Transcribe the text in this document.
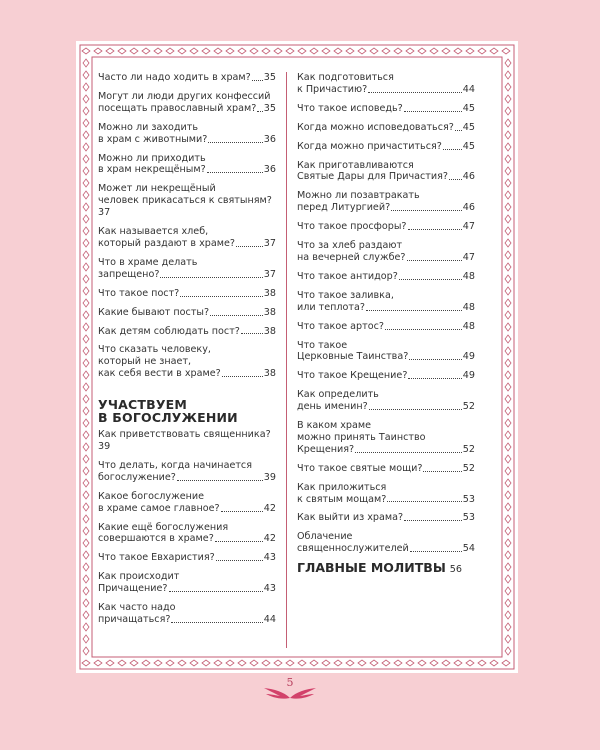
Часто ли надо ходить в храм? 35
Могут ли люди других конфессий
посещать православный храм? 35
Можно ли заходить
в храм с животными?	36
Можно ли приходить
в храм некрещёным?	36
Может ли некрещёный
человек прикасаться к святыням?
37
Как называется хлеб,
который раздают в храме?	37
Что в храме делать
запрещено?	37
Что такое пост?	38
Какие бывают посты?	38
Как детям соблюдать пост? 38
Что сказать человеку,
который не знает,
как себя вести в храме?	38
УЧАСТВУЕМ
В БОГОСЛУЖЕНИИ
Как приветствовать священника?
39
Что делать, когда начинается
богослужение?	39
Какое богослужение
в храме самое главное?	42
Какие ещё богослужения
совершаются в храме?	42
Что такое Евхаристия?	43
Как происходит
Причащение?	43
Как часто надо
причащаться?	44
Как подготовиться
к Причастию?	44
Что такое исповедь?	45
Когда можно исповедоваться? 45
Когда можно причаститься? 45
Как приготавливаются
Святые Дары для Причастия? 46
Можно ли позавтракать
перед Литургией?	46
Что такое просфоры?	47
Что за хлеб раздают
на вечерней службе?	47
Что такое антидор?	48
Что такое заливка,
или теплота?	48
Что такое артос?	48
Что такое
Церковные Таинства?	49
Что такое Крещение?	49
Как определить
день именин?	52
В каком храме
можно принять Таинство
Крещения?	52
Что такое святые мощи?	52
Как приложиться
к святым мощам?	53
Как выйти из храма?	53
Облачение
священнослужителей	54
ГЛАВНЫЕ МОЛИТВЫ 56
5
